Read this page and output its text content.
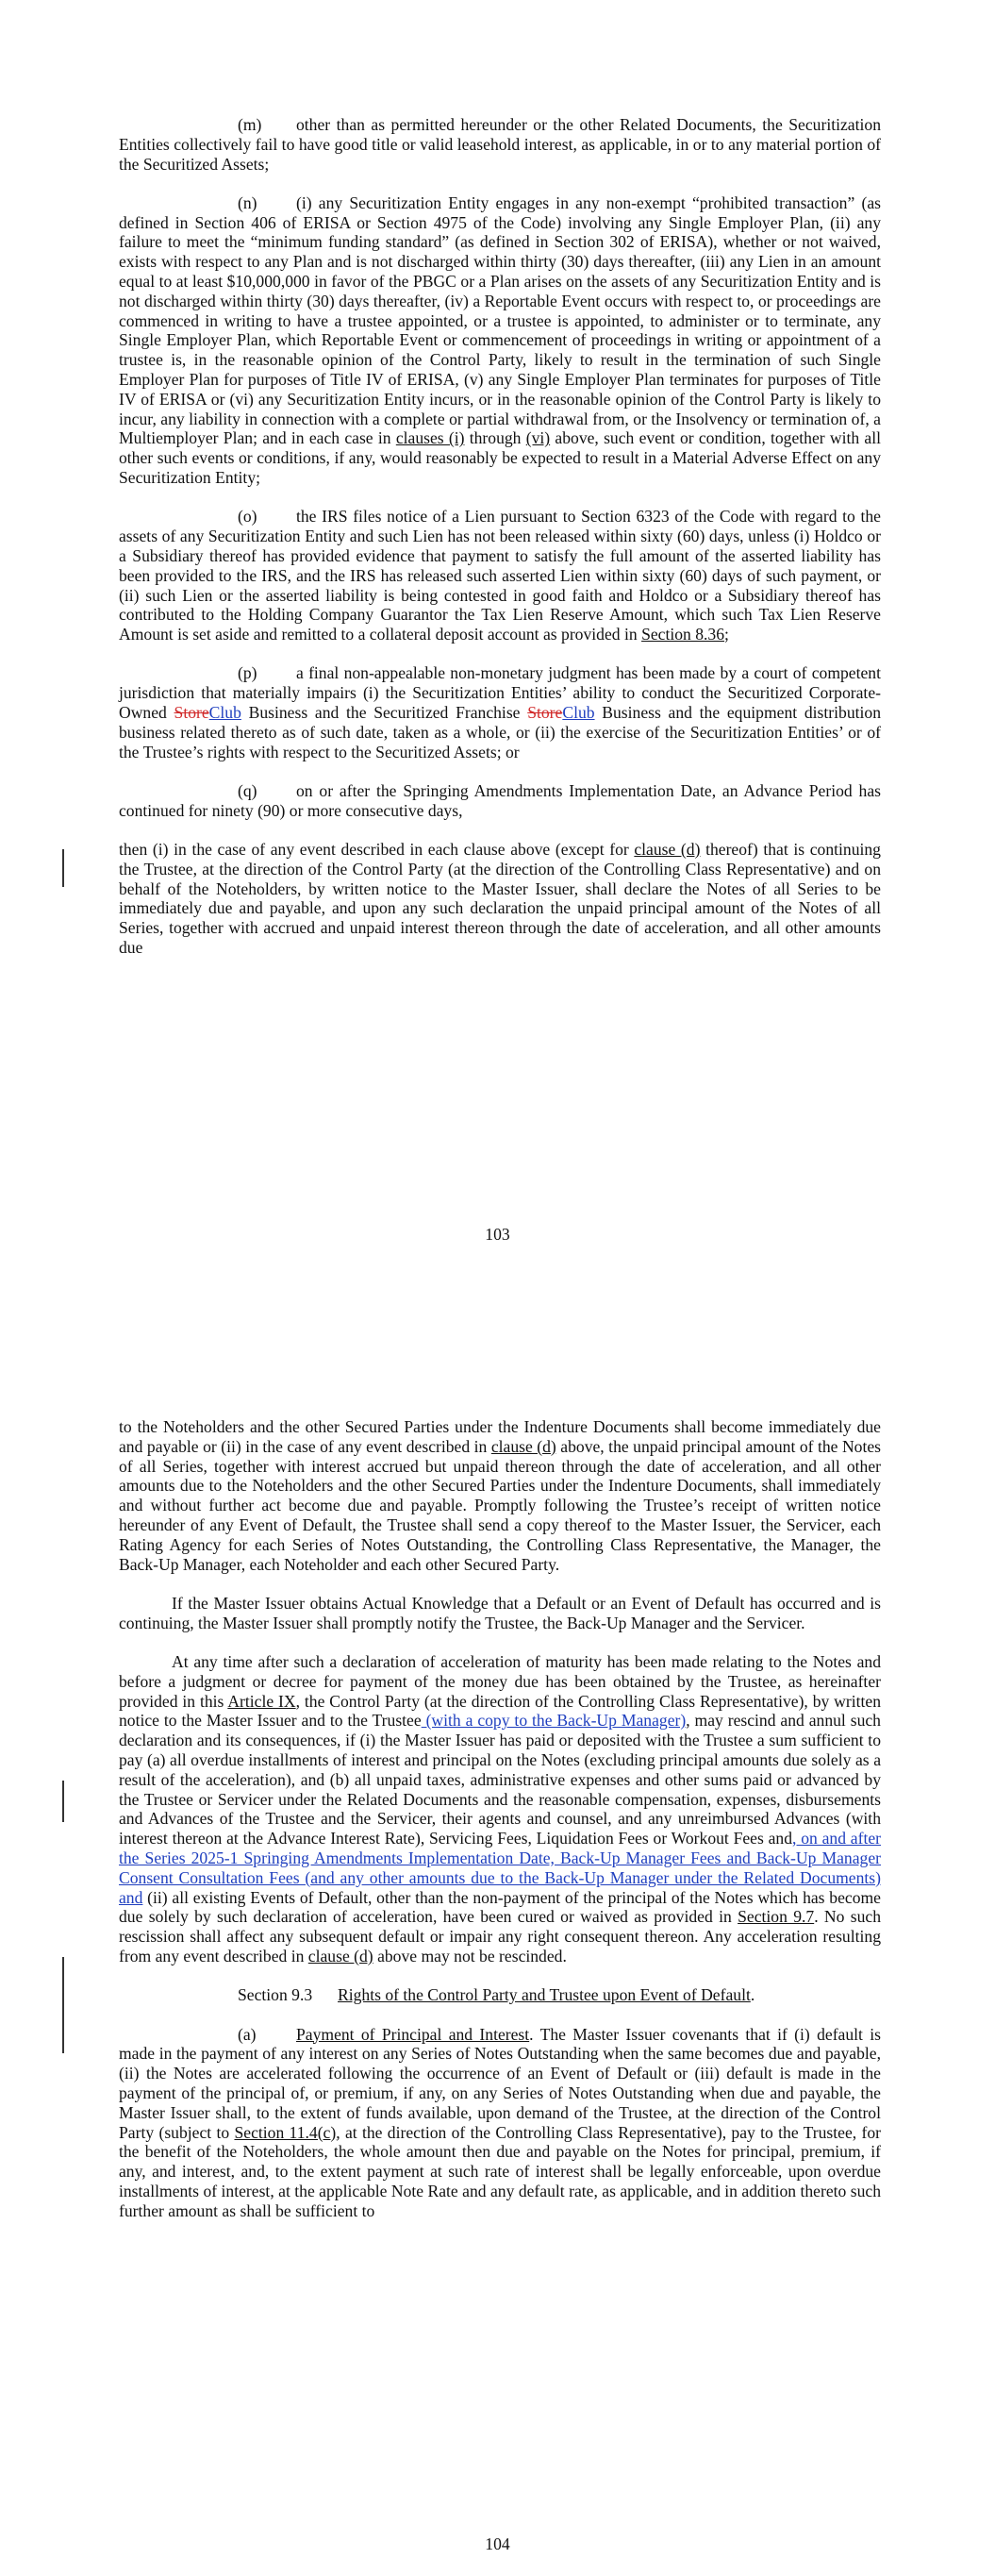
(m) other than as permitted hereunder or the other Related Documents, the Securitization Entities collectively fail to have good title or valid leasehold interest, as applicable, in or to any material portion of the Securitized Assets;

(n) (i) any Securitization Entity engages in any non-exempt “prohibited transaction” (as defined in Section 406 of ERISA or Section 4975 of the Code) involving any Single Employer Plan, (ii) any failure to meet the “minimum funding standard” (as defined in Section 302 of ERISA), whether or not waived, exists with respect to any Plan and is not discharged within thirty (30) days thereafter, (iii) any Lien in an amount equal to at least $10,000,000 in favor of the PBGC or a Plan arises on the assets of any Securitization Entity and is not discharged within thirty (30) days thereafter, (iv) a Reportable Event occurs with respect to, or proceedings are commenced in writing to have a trustee appointed, or a trustee is appointed, to administer or to terminate, any Single Employer Plan, which Reportable Event or commencement of proceedings in writing or appointment of a trustee is, in the reasonable opinion of the Control Party, likely to result in the termination of such Single Employer Plan for purposes of Title IV of ERISA, (v) any Single Employer Plan terminates for purposes of Title IV of ERISA or (vi) any Securitization Entity incurs, or in the reasonable opinion of the Control Party is likely to incur, any liability in connection with a complete or partial withdrawal from, or the Insolvency or termination of, a Multiemployer Plan; and in each case in clauses (i) through (vi) above, such event or condition, together with all other such events or conditions, if any, would reasonably be expected to result in a Material Adverse Effect on any Securitization Entity;

(o) the IRS files notice of a Lien pursuant to Section 6323 of the Code with regard to the assets of any Securitization Entity and such Lien has not been released within sixty (60) days, unless (i) Holdco or a Subsidiary thereof has provided evidence that payment to satisfy the full amount of the asserted liability has been provided to the IRS, and the IRS has released such asserted Lien within sixty (60) days of such payment, or (ii) such Lien or the asserted liability is being contested in good faith and Holdco or a Subsidiary thereof has contributed to the Holding Company Guarantor the Tax Lien Reserve Amount, which such Tax Lien Reserve Amount is set aside and remitted to a collateral deposit account as provided in Section 8.36;

(p) a final non-appealable non-monetary judgment has been made by a court of competent jurisdiction that materially impairs (i) the Securitization Entities’ ability to conduct the Securitized Corporate-Owned StoreClub Business and the Securitized Franchise StoreClub Business and the equipment distribution business related thereto as of such date, taken as a whole, or (ii) the exercise of the Securitization Entities’ or of the Trustee’s rights with respect to the Securitized Assets; or

(q) on or after the Springing Amendments Implementation Date, an Advance Period has continued for ninety (90) or more consecutive days,

then (i) in the case of any event described in each clause above (except for clause (d) thereof) that is continuing the Trustee, at the direction of the Control Party (at the direction of the Controlling Class Representative) and on behalf of the Noteholders, by written notice to the Master Issuer, shall declare the Notes of all Series to be immediately due and payable, and upon any such declaration the unpaid principal amount of the Notes of all Series, together with accrued and unpaid interest thereon through the date of acceleration, and all other amounts due

103

to the Noteholders and the other Secured Parties under the Indenture Documents shall become immediately due and payable or (ii) in the case of any event described in clause (d) above, the unpaid principal amount of the Notes of all Series, together with interest accrued but unpaid thereon through the date of acceleration, and all other amounts due to the Noteholders and the other Secured Parties under the Indenture Documents, shall immediately and without further act become due and payable. Promptly following the Trustee’s receipt of written notice hereunder of any Event of Default, the Trustee shall send a copy thereof to the Master Issuer, the Servicer, each Rating Agency for each Series of Notes Outstanding, the Controlling Class Representative, the Manager, the Back-Up Manager, each Noteholder and each other Secured Party.

If the Master Issuer obtains Actual Knowledge that a Default or an Event of Default has occurred and is continuing, the Master Issuer shall promptly notify the Trustee, the Back-Up Manager and the Servicer.

At any time after such a declaration of acceleration of maturity has been made relating to the Notes and before a judgment or decree for payment of the money due has been obtained by the Trustee, as hereinafter provided in this Article IX, the Control Party (at the direction of the Controlling Class Representative), by written notice to the Master Issuer and to the Trustee (with a copy to the Back-Up Manager), may rescind and annul such declaration and its consequences, if (i) the Master Issuer has paid or deposited with the Trustee a sum sufficient to pay (a) all overdue installments of interest and principal on the Notes (excluding principal amounts due solely as a result of the acceleration), and (b) all unpaid taxes, administrative expenses and other sums paid or advanced by the Trustee or Servicer under the Related Documents and the reasonable compensation, expenses, disbursements and Advances of the Trustee and the Servicer, their agents and counsel, and any unreimbursed Advances (with interest thereon at the Advance Interest Rate), Servicing Fees, Liquidation Fees or Workout Fees and, on and after the Series 2025-1 Springing Amendments Implementation Date, Back-Up Manager Fees and Back-Up Manager Consent Consultation Fees (and any other amounts due to the Back-Up Manager under the Related Documents) and (ii) all existing Events of Default, other than the non-payment of the principal of the Notes which has become due solely by such declaration of acceleration, have been cured or waived as provided in Section 9.7. No such rescission shall affect any subsequent default or impair any right consequent thereon. Any acceleration resulting from any event described in clause (d) above may not be rescinded.

Section 9.3 Rights of the Control Party and Trustee upon Event of Default.

(a) Payment of Principal and Interest. The Master Issuer covenants that if (i) default is made in the payment of any interest on any Series of Notes Outstanding when the same becomes due and payable, (ii) the Notes are accelerated following the occurrence of an Event of Default or (iii) default is made in the payment of the principal of, or premium, if any, on any Series of Notes Outstanding when due and payable, the Master Issuer shall, to the extent of funds available, upon demand of the Trustee, at the direction of the Control Party (subject to Section 11.4(c), at the direction of the Controlling Class Representative), pay to the Trustee, for the benefit of the Noteholders, the whole amount then due and payable on the Notes for principal, premium, if any, and interest, and, to the extent payment at such rate of interest shall be legally enforceable, upon overdue installments of interest, at the applicable Note Rate and any default rate, as applicable, and in addition thereto such further amount as shall be sufficient to

104
